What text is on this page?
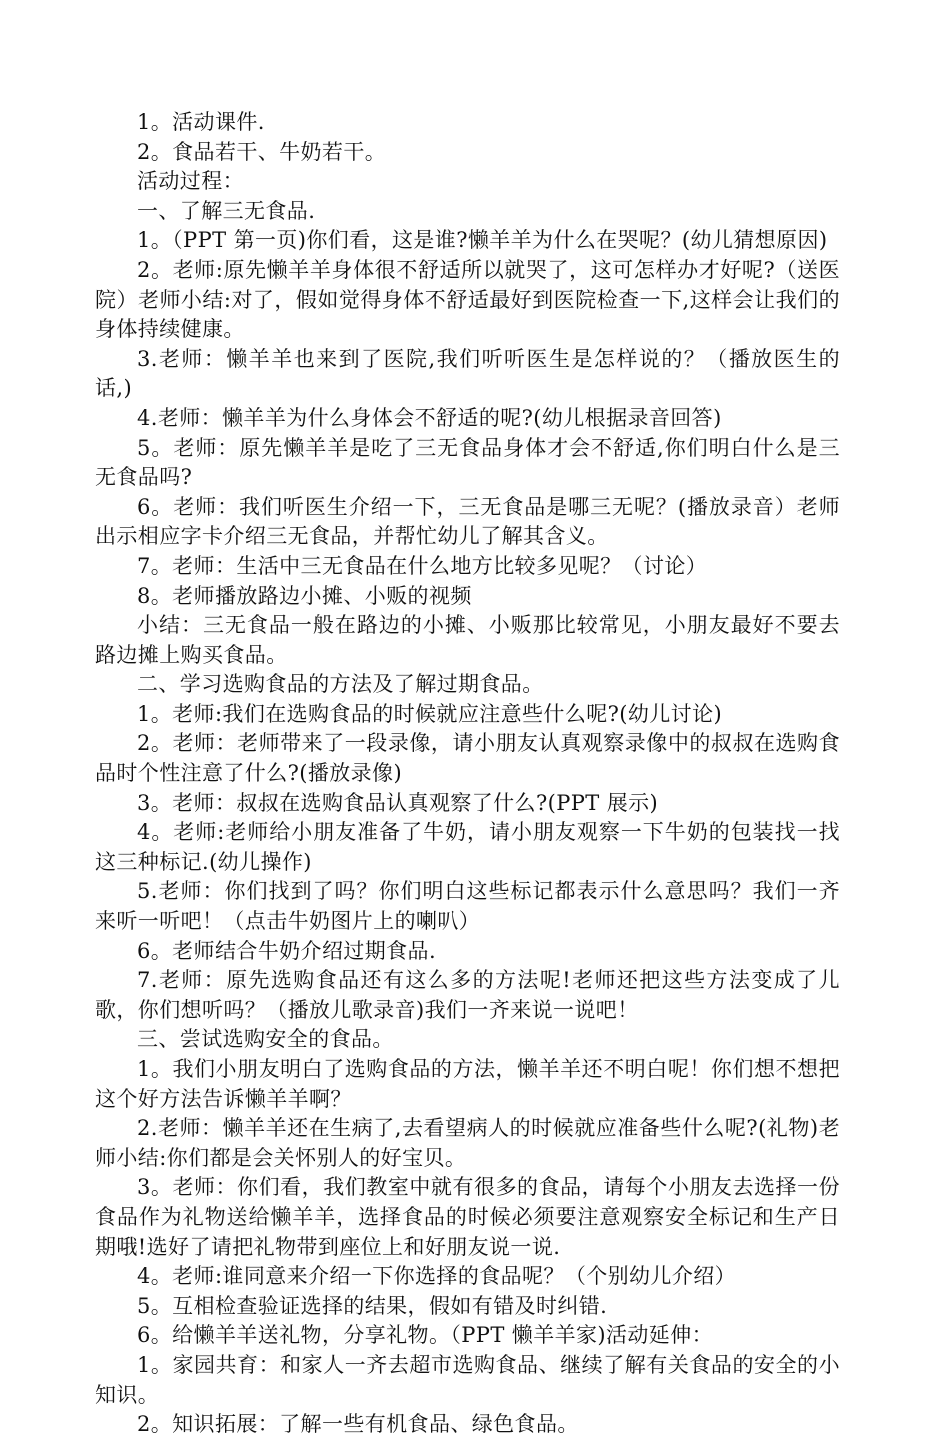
1。活动课件.

2。食品若干、牛奶若干。

活动过程：

一、了解三无食品.

1。（PPT 第一页)你们看，这是谁?懒羊羊为什么在哭呢？(幼儿猜想原因)

2。老师:原先懒羊羊身体很不舒适所以就哭了，这可怎样办才好呢?（送医院）老师小结:对了，假如觉得身体不舒适最好到医院检查一下,这样会让我们的身体持续健康。

3.老师：懒羊羊也来到了医院,我们听听医生是怎样说的？（播放医生的话,)

4.老师：懒羊羊为什么身体会不舒适的呢?(幼儿根据录音回答)

5。老师：原先懒羊羊是吃了三无食品身体才会不舒适,你们明白什么是三无食品吗?

6。老师：我们听医生介绍一下，三无食品是哪三无呢？(播放录音）老师出示相应字卡介绍三无食品，并帮忙幼儿了解其含义。

7。老师：生活中三无食品在什么地方比较多见呢？（讨论）

8。老师播放路边小摊、小贩的视频

小结：三无食品一般在路边的小摊、小贩那比较常见，小朋友最好不要去路边摊上购买食品。

二、学习选购食品的方法及了解过期食品。

1。老师:我们在选购食品的时候就应注意些什么呢?(幼儿讨论)

2。老师：老师带来了一段录像，请小朋友认真观察录像中的叔叔在选购食品时个性注意了什么?(播放录像)

3。老师：叔叔在选购食品认真观察了什么?(PPT 展示)

4。老师:老师给小朋友准备了牛奶，请小朋友观察一下牛奶的包装找一找这三种标记.(幼儿操作)

5.老师：你们找到了吗？你们明白这些标记都表示什么意思吗？我们一齐来听一听吧！（点击牛奶图片上的喇叭）

6。老师结合牛奶介绍过期食品.

7.老师：原先选购食品还有这么多的方法呢!老师还把这些方法变成了儿歌，你们想听吗？（播放儿歌录音)我们一齐来说一说吧！

三、尝试选购安全的食品。

1。我们小朋友明白了选购食品的方法，懒羊羊还不明白呢！你们想不想把这个好方法告诉懒羊羊啊？

2.老师：懒羊羊还在生病了,去看望病人的时候就应准备些什么呢?(礼物)老师小结:你们都是会关怀别人的好宝贝。

3。老师：你们看，我们教室中就有很多的食品，请每个小朋友去选择一份食品作为礼物送给懒羊羊，选择食品的时候必须要注意观察安全标记和生产日期哦!选好了请把礼物带到座位上和好朋友说一说.

4。老师:谁同意来介绍一下你选择的食品呢？（个别幼儿介绍）

5。互相检查验证选择的结果，假如有错及时纠错.

6。给懒羊羊送礼物，分享礼物。（PPT 懒羊羊家)活动延伸：

1。家园共育：和家人一齐去超市选购食品、继续了解有关食品的安全的小知识。

2。知识拓展：了解一些有机食品、绿色食品。
